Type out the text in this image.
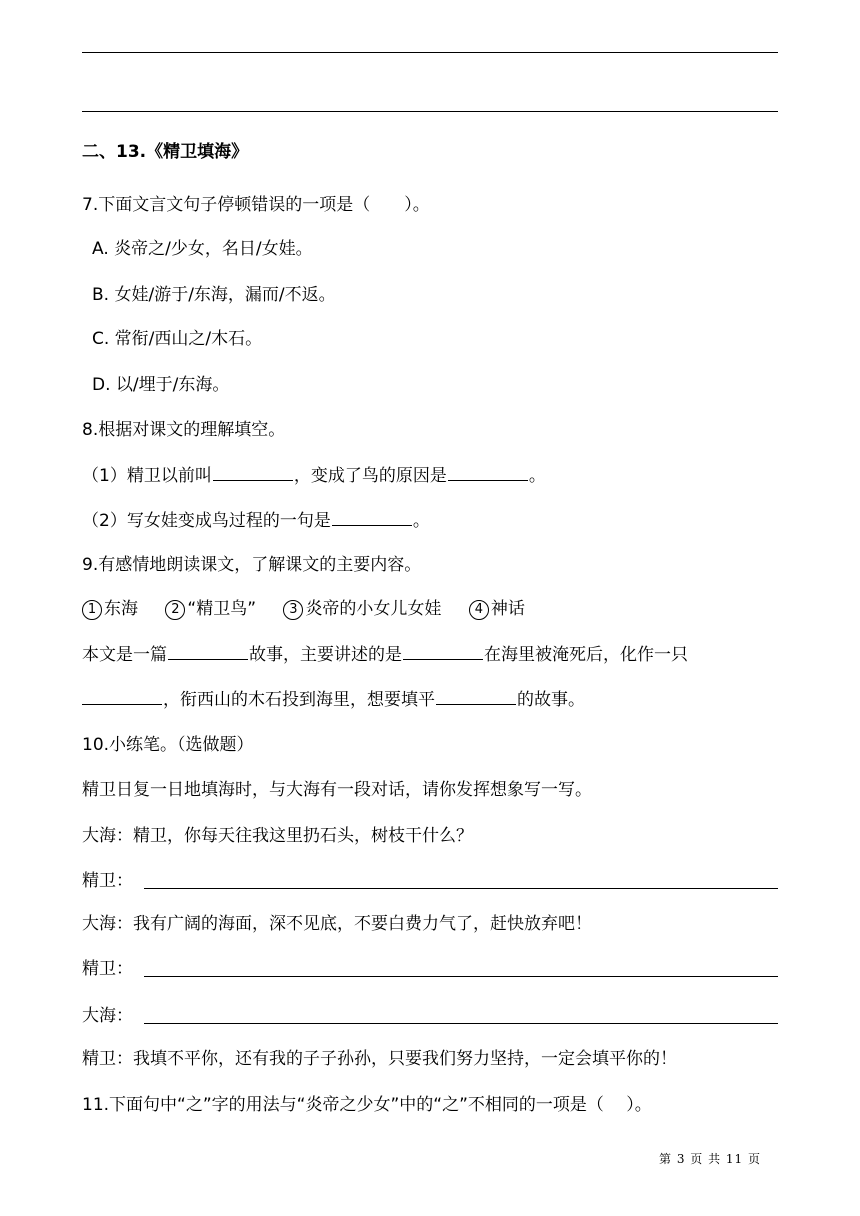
二、13.《精卫填海》
7.下面文言文句子停顿错误的一项是（　　）。
A. 炎帝之/少女，名日/女娃。
B. 女娃/游于/东海，漏而/不返。
C. 常衔/西山之/木石。
D. 以/埋于/东海。
8.根据对课文的理解填空。
（1）精卫以前叫	，变成了鸟的原因是	。
（2）写女娃变成鸟过程的一句是	。
9.有感情地朗读课文，了解课文的主要内容。
1 东海	2 “精卫鸟”	3 炎帝的小女儿女娃	4 神话
本文是一篇	故事，主要讲述的是	在海里被淹死后，化作一只
，衔西山的木石投到海里，想要填平	的故事。
10.小练笔。（选做题）
精卫日复一日地填海时，与大海有一段对话，请你发挥想象写一写。
大海：精卫，你每天往我这里扔石头，树枝干什么？
精卫：
大海：我有广阔的海面，深不见底，不要白费力气了，赶快放弃吧！
精卫：
大海：
精卫：我填不平你，还有我的子子孙孙，只要我们努力坚持，一定会填平你的！
11.下面句中“之”字的用法与“炎帝之少女”中的“之”不相同的一项是（　 ）。
第 3 页 共 11 页
